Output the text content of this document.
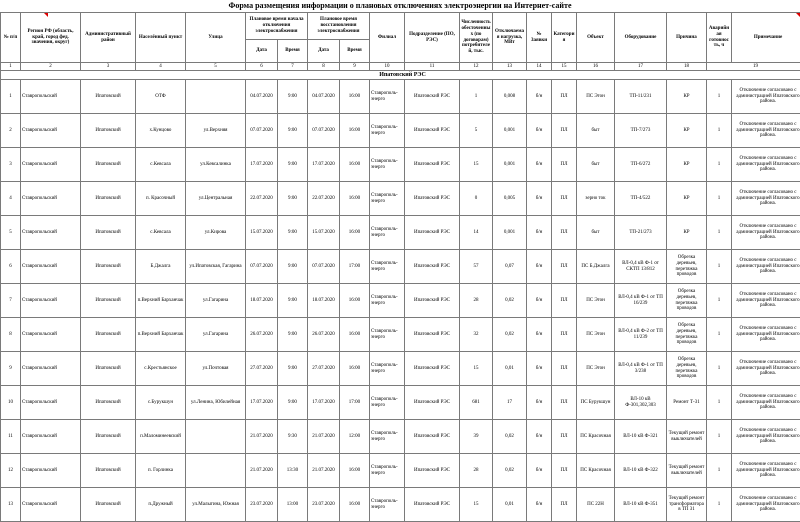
Форма размещения информации о плановых отключениях электроэнергии на Интернет-сайте
№ п/п	Регион РФ (область, край, город фед. значения, округ)	Административный район	Населённый пункт	Улица	Плановое время начала отключения электроснабжения		Плановое время восстановления электроснабжения		Филиал	Подразделение (ПО, РЭС)	Численность обесточенных (по договорам) потребителей, тыс.	Отключаемая нагрузка, МВт	№ Заявки	Категория	Объект	Оборудование	Причина	Аварийная готовность, ч	Примечание
					Дата	Время	Дата	Время											
1	2	3	4	5	6	7	8	9	10	11	12	13	14	15	16	17	18	19	
Ипатовский РЭС																			
1	Ставропольский	Ипатовский	ОТФ		04.07.2020	9:00	04.07.2020	16:00	Ставрополь-энерго	Ипатовский РЭС	1	0,008	б/н	ПЛ	ПС Эгон	ТП-11/231	КР	1	Отключение согласовано с администрацией Ипатовского района.
2	Ставропольский	Ипатовский	х.Кунцово	ул.Верхняя	07.07.2020	9:00	07.07.2020	16:00	Ставрополь-энерго	Ипатовский РЭС	5	0,001	б/н	ПЛ	быт	ТП-7/273	КР	1	Отключение согласовано с администрацией Ипатовского района.
3	Ставропольский	Ипатовский	с.Кевсала	ул.Кевсалинка	17.07.2020	9:00	17.07.2020	16:00	Ставрополь-энерго	Ипатовский РЭС	15	0,001	б/н	ПЛ	быт	ТП-6/272	КР	1	Отключение согласовано с администрацией Ипатовского района.
4	Ставропольский	Ипатовский	п. Красочный	ул.Центральная	22.07.2020	9:00	22.07.2020	16:00	Ставрополь-энерго	Ипатовский РЭС	0	0,005	б/н	ПЛ	зерно ток	ТП-4/522	КР	1	Отключение согласовано с администрацией Ипатовского района.
5	Ставропольский	Ипатовский	с.Кевсала	ул.Кирова	15.07.2020	9:00	15.07.2020	16:00	Ставрополь-энерго	Ипатовский РЭС	14	0,001	б/н	ПЛ	быт	ТП-21/273	КР	1	Отключение согласовано с администрацией Ипатовского района.
6	Ставропольский	Ипатовский	Б.Джалга	ул.Ипатовская, Гагарина	07.07.2020	9:00	07.07.2020	17:00	Ставрополь-энерго	Ипатовский РЭС	57	0,07	б/н	ПЛ	ПС Б.Джалга	ВЛ-0,4 кВ Ф-1 от СКТП 13/812	Обрезка деревьев, перетяжка проводов	1	Отключение согласовано с администрацией Ипатовского района.
7	Ставропольский	Ипатовский	п.Верхний Барханчак	ул.Гагарина	18.07.2020	9:00	18.07.2020	16:00	Ставрополь-энерго	Ипатовский РЭС	28	0,02	б/н	ПЛ	ПС Эгон	ВЛ-0,4 кВ Ф-1 от ТП 16/239	Обрезка деревьев, перетяжка проводов	1	Отключение согласовано с администрацией Ипатовского района.
8	Ставропольский	Ипатовский	п.Верхний Барханчак	ул.Гагарина	26.07.2020	9:00	26.07.2020	16:00	Ставрополь-энерго	Ипатовский РЭС	32	0,02	б/н	ПЛ	ПС Эгон	ВЛ-0,4 кВ Ф-2 от ТП 11/239	Обрезка деревьев, перетяжка проводов	1	Отключение согласовано с администрацией Ипатовского района.
9	Ставропольский	Ипатовский	с.Крестьянское	ул.Почтовая	27.07.2020	9:00	27.07.2020	16:00	Ставрополь-энерго	Ипатовский РЭС	15	0,01	б/н	ПЛ	ПС Эгон	ВЛ-0,4 кВ Ф-1 от ТП 3/238	Обрезка деревьев, перетяжка проводов	1	Отключение согласовано с администрацией Ипатовского района.
10	Ставропольский	Ипатовский	с.Бурукшун	ул.Ленина, Юбилейная	17.07.2020	9:00	17.07.2020	17:00	Ставрополь-энерго	Ипатовский РЭС	681	17	б/н	ПЛ	ПС Бурукшун	ВЛ-10 кВ Ф-301,302,303	Ремонт Т-31	1	Отключение согласовано с администрацией Ипатовского района.
11	Ставропольский	Ипатовский	п.Маломинеевский		21.07.2020	9:30	21.07.2020	12:00	Ставрополь-энерго	Ипатовский РЭС	39	0,02	б/н	ПЛ	ПС Красочная	ВЛ-10 кВ Ф-321	Текущий ремонт выключателей	1	Отключение согласовано с администрацией Ипатовского района.
12	Ставропольский	Ипатовский	п. Горлинка		21.07.2020	13:30	21.07.2020	16:00	Ставрополь-энерго	Ипатовский РЭС	28	0,02	б/н	ПЛ	ПС Красочная	ВЛ-10 кВ Ф-322	Текущий ремонт выключателей	1	Отключение согласовано с администрацией Ипатовского района.
13	Ставропольский	Ипатовский	п.Дружный	ул.Малыгина, Южная	23.07.2020	13:00	23.07.2020	16:00	Ставрополь-энерго	Ипатовский РЭС	15	0,01	б/н	ПЛ	ПС 22Н	ВЛ-10 кВ Ф-351	Текущий ремонт трансформатора в ТП 31	1	Отключение согласовано с администрацией Ипатовского района.
